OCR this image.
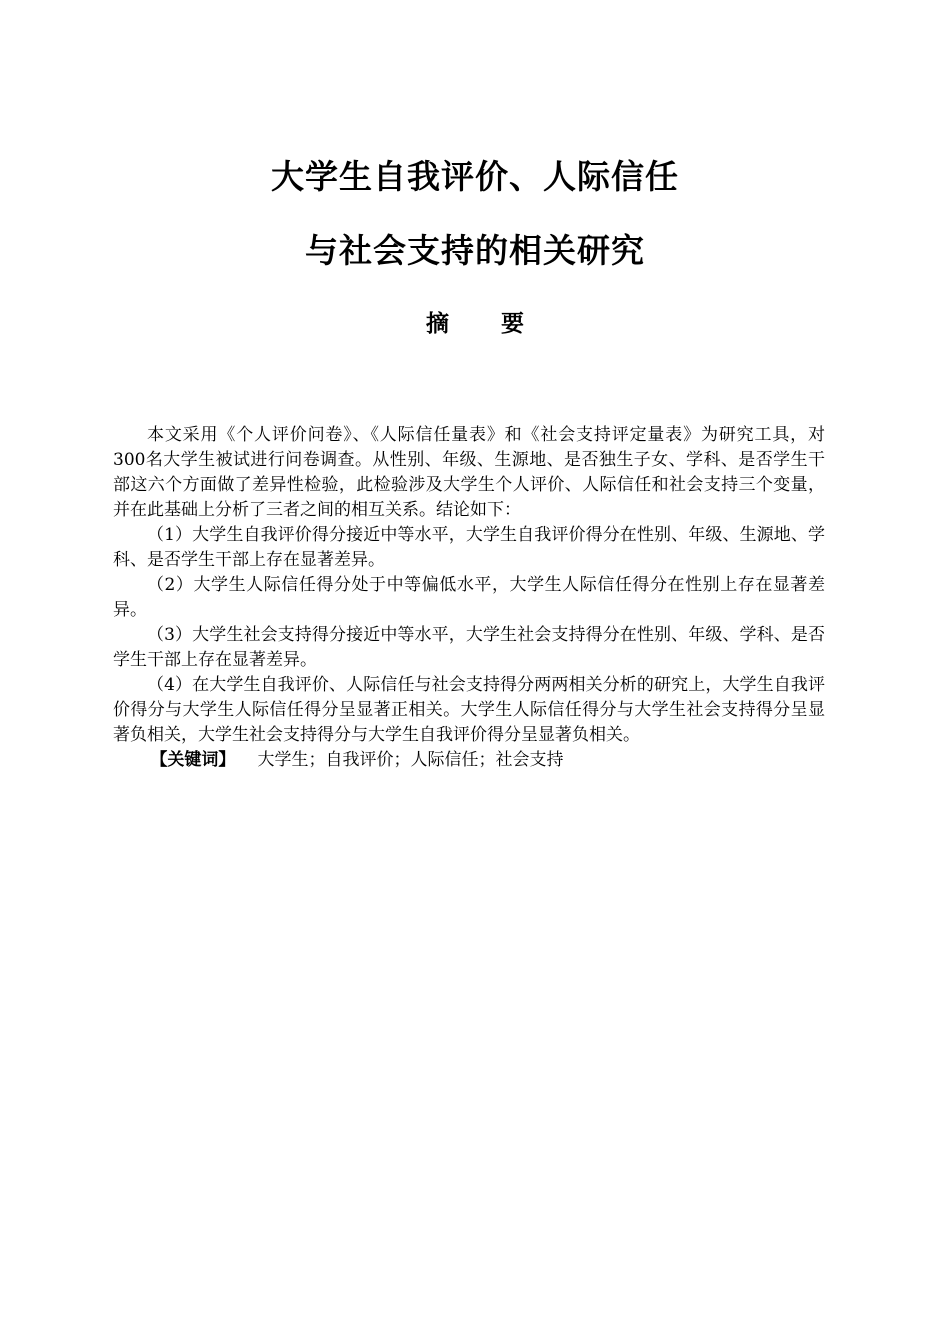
大学生自我评价、人际信任
与社会支持的相关研究
摘 要

本文采用《个人评价问卷》、《人际信任量表》和《社会支持评定量表》为研究工具，对300名大学生被试进行问卷调查。从性别、年级、生源地、是否独生子女、学科、是否学生干部这六个方面做了差异性检验，此检验涉及大学生个人评价、人际信任和社会支持三个变量，并在此基础上分析了三者之间的相互关系。结论如下：

（1）大学生自我评价得分接近中等水平，大学生自我评价得分在性别、年级、生源地、学科、是否学生干部上存在显著差异。

（2）大学生人际信任得分处于中等偏低水平，大学生人际信任得分在性别上存在显著差异。

（3）大学生社会支持得分接近中等水平，大学生社会支持得分在性别、年级、学科、是否学生干部上存在显著差异。

（4）在大学生自我评价、人际信任与社会支持得分两两相关分析的研究上，大学生自我评价得分与大学生人际信任得分呈显著正相关。大学生人际信任得分与大学生社会支持得分呈显著负相关，大学生社会支持得分与大学生自我评价得分呈显著负相关。

【关键词】 大学生；自我评价；人际信任；社会支持
